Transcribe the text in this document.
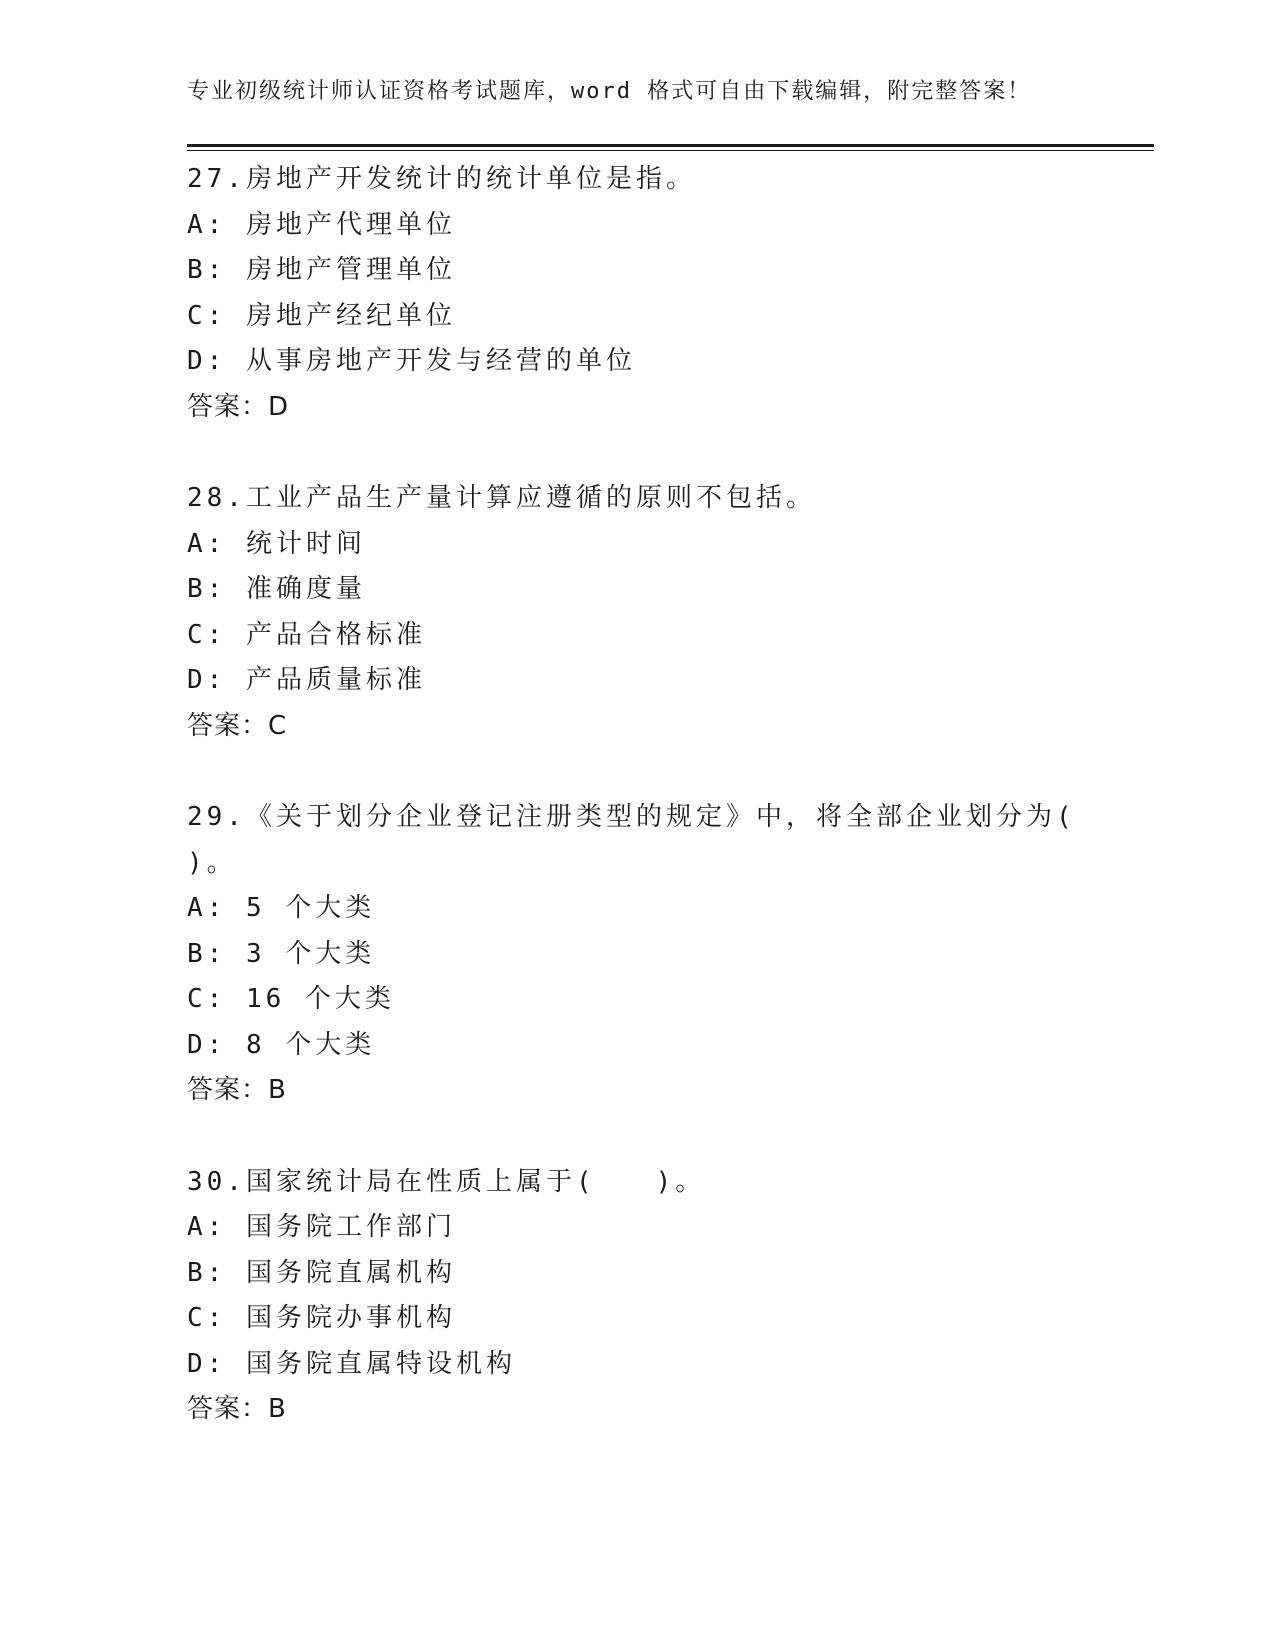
专业初级统计师认证资格考试题库，word 格式可自由下载编辑，附完整答案！
27.房地产开发统计的统计单位是指。
A: 房地产代理单位
B: 房地产管理单位
C: 房地产经纪单位
D: 从事房地产开发与经营的单位
答案：D
28.工业产品生产量计算应遵循的原则不包括。
A: 统计时间
B: 准确度量
C: 产品合格标准
D: 产品质量标准
答案：C
29.《关于划分企业登记注册类型的规定》中，将全部企业划分为(
)。
A: 5 个大类
B: 3 个大类
C: 16 个大类
D: 8 个大类
答案：B
30.国家统计局在性质上属于(　　)。
A: 国务院工作部门
B: 国务院直属机构
C: 国务院办事机构
D: 国务院直属特设机构
答案：B
